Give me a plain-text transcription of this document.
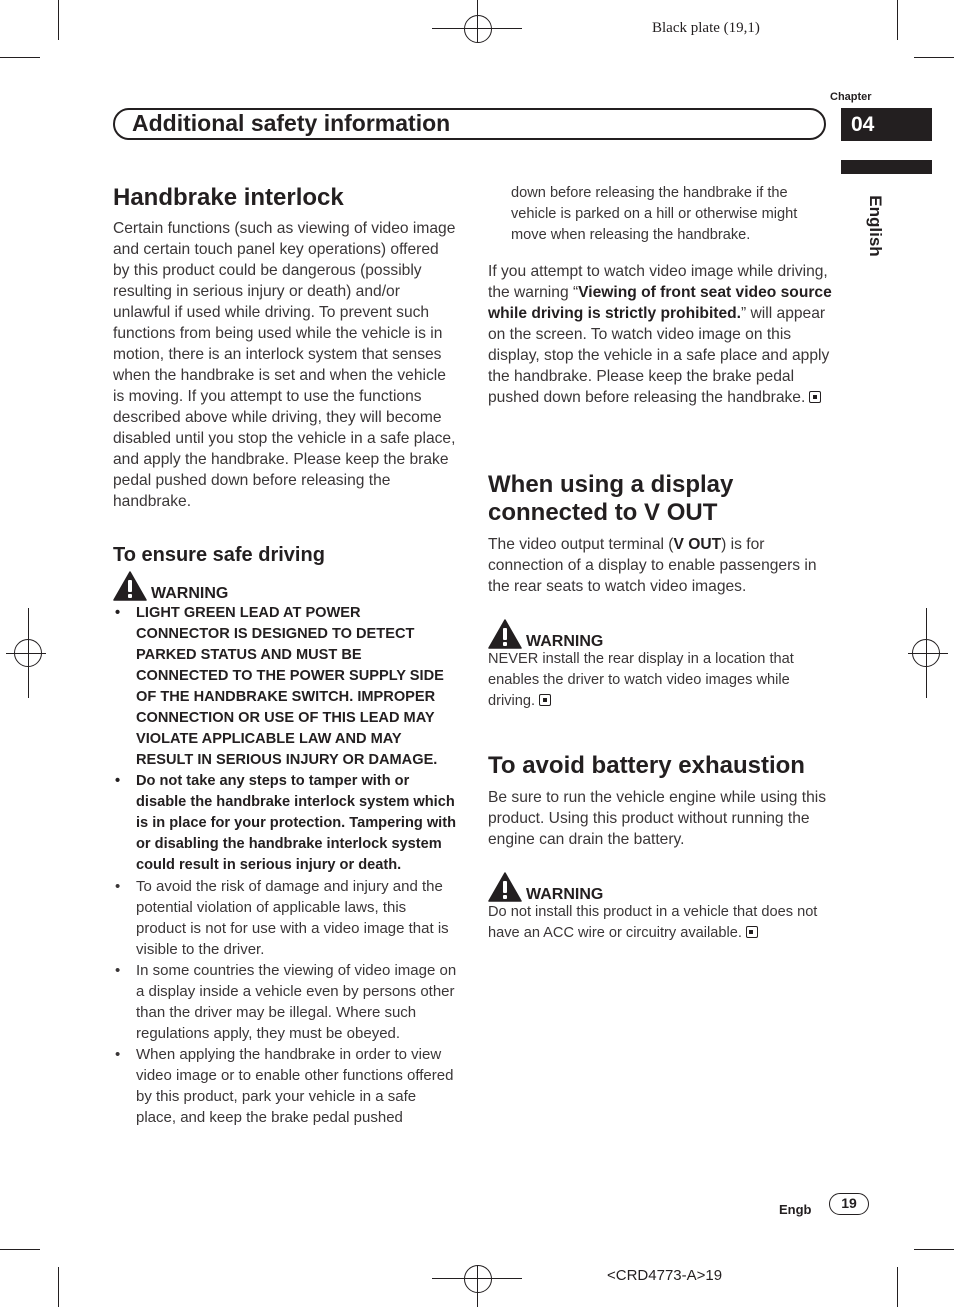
Black plate (19,1)
Chapter
Additional safety information	04
English
Handbrake interlock

Certain functions (such as viewing of video image and certain touch panel key operations) offered by this product could be dangerous (possibly resulting in serious injury or death) and/or unlawful if used while driving. To prevent such functions from being used while the vehicle is in motion, there is an interlock system that senses when the handbrake is set and when the vehicle is moving. If you attempt to use the functions described above while driving, they will become disabled until you stop the vehicle in a safe place, and apply the handbrake. Please keep the brake pedal pushed down before releasing the handbrake.

To ensure safe driving
WARNING
• LIGHT GREEN LEAD AT POWER CONNECTOR IS DESIGNED TO DETECT PARKED STATUS AND MUST BE CONNECTED TO THE POWER SUPPLY SIDE OF THE HANDBRAKE SWITCH. IMPROPER CONNECTION OR USE OF THIS LEAD MAY VIOLATE APPLICABLE LAW AND MAY RESULT IN SERIOUS INJURY OR DAMAGE.
• Do not take any steps to tamper with or disable the handbrake interlock system which is in place for your protection. Tampering with or disabling the handbrake interlock system could result in serious injury or death.
• To avoid the risk of damage and injury and the potential violation of applicable laws, this product is not for use with a video image that is visible to the driver.
• In some countries the viewing of video image on a display inside a vehicle even by persons other than the driver may be illegal. Where such regulations apply, they must be obeyed.
• When applying the handbrake in order to view video image or to enable other functions offered by this product, park your vehicle in a safe place, and keep the brake pedal pushed

down before releasing the handbrake if the vehicle is parked on a hill or otherwise might move when releasing the handbrake.

If you attempt to watch video image while driving, the warning “Viewing of front seat video source while driving is strictly prohibited.” will appear on the screen. To watch video image on this display, stop the vehicle in a safe place and apply the handbrake. Please keep the brake pedal pushed down before releasing the handbrake.

When using a display connected to V OUT

The video output terminal (V OUT) is for connection of a display to enable passengers in the rear seats to watch video images.

WARNING

NEVER install the rear display in a location that enables the driver to watch video images while driving.

To avoid battery exhaustion

Be sure to run the vehicle engine while using this product. Using this product without running the engine can drain the battery.

WARNING

Do not install this product in a vehicle that does not have an ACC wire or circuitry available.

Engb	19
<CRD4773-A>19
